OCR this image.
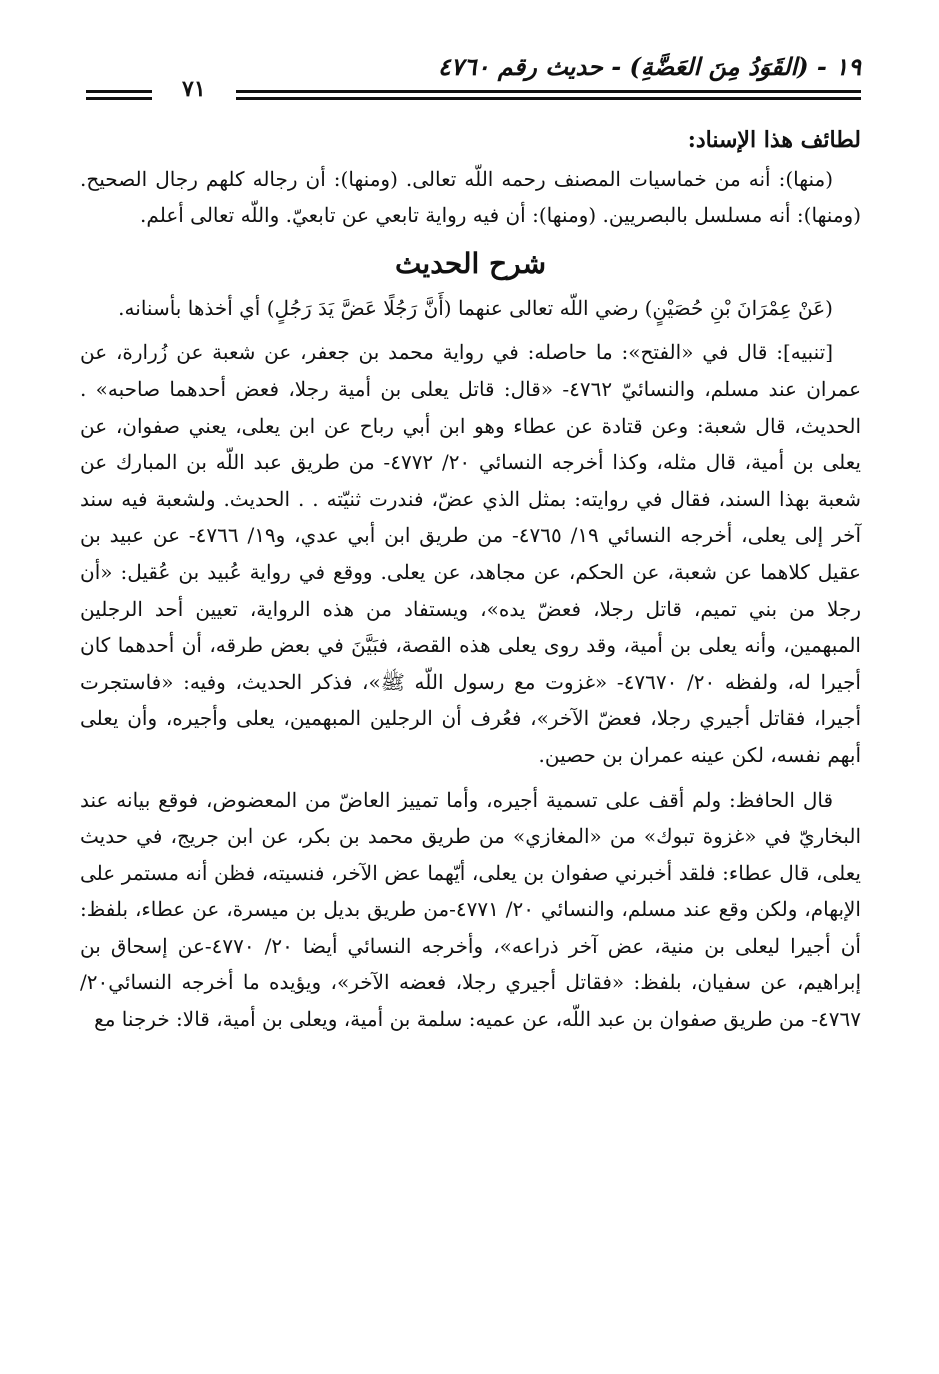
١٩ - (القَوَدُ مِنَ العَضَّةِ) - حديث رقم ٤٧٦٠
٧١

لطائف هذا الإسناد:

(منها): أنه من خماسيات المصنف رحمه اللّه تعالى. (ومنها): أن رجاله كلهم رجال الصحيح. (ومنها): أنه مسلسل بالبصريين. (ومنها): أن فيه رواية تابعي عن تابعيّ. واللّه تعالى أعلم.

شرح الحديث

(عَنْ عِمْرَانَ بْنِ حُصَيْنٍ) رضي اللّه تعالى عنهما (أَنَّ رَجُلًا عَضَّ يَدَ رَجُلٍ) أي أخذها بأسنانه.

[تنبيه]: قال في «الفتح»: ما حاصله: في رواية محمد بن جعفر، عن شعبة عن زُرارة، عن عمران عند مسلم، والنسائيّ ٤٧٦٢- «قال: قاتل يعلى بن أمية رجلا، فعض أحدهما صاحبه» . الحديث، قال شعبة: وعن قتادة عن عطاء وهو ابن أبي رباح عن ابن يعلى، يعني صفوان، عن يعلى بن أمية، قال مثله، وكذا أخرجه النسائي ٢٠/ ٤٧٧٢- من طريق عبد اللّه بن المبارك عن شعبة بهذا السند، فقال في روايته: بمثل الذي عضّ، فندرت ثنيّته . . الحديث. ولشعبة فيه سند آخر إلى يعلى، أخرجه النسائي ١٩/ ٤٧٦٥- من طريق ابن أبي عدي، و١٩/ ٤٧٦٦- عن عبيد بن عقيل كلاهما عن شعبة، عن الحكم، عن مجاهد، عن يعلى. ووقع في رواية عُبيد بن عُقيل: «أن رجلا من بني تميم، قاتل رجلا، فعضّ يده»، ويستفاد من هذه الرواية، تعيين أحد الرجلين المبهمين، وأنه يعلى بن أمية، وقد روى يعلى هذه القصة، فبَيَّنَ في بعض طرقه، أن أحدهما كان أجيرا له، ولفظه ٢٠/ ٤٧٦٧٠- «غزوت مع رسول اللّه ﷺ»، فذكر الحديث، وفيه: «فاستجرت أجيرا، فقاتل أجيري رجلا، فعضّ الآخر»، فعُرف أن الرجلين المبهمين، يعلى وأجيره، وأن يعلى أبهم نفسه، لكن عينه عمران بن حصين.

قال الحافظ: ولم أقف على تسمية أجيره، وأما تمييز العاضّ من المعضوض، فوقع بيانه عند البخاريّ في «غزوة تبوك» من «المغازي» من طريق محمد بن بكر، عن ابن جريج، في حديث يعلى، قال عطاء: فلقد أخبرني صفوان بن يعلى، أيّهما عض الآخر، فنسيته، فظن أنه مستمر على الإبهام، ولكن وقع عند مسلم، والنسائي ٢٠/ ٤٧٧١-من طريق بديل بن ميسرة، عن عطاء، بلفظ: أن أجيرا ليعلى بن منية، عض آخر ذراعه»، وأخرجه النسائي أيضا ٢٠/ ٤٧٧٠-عن إسحاق بن إبراهيم، عن سفيان، بلفظ: «فقاتل أجيري رجلا، فعضه الآخر»، ويؤيده ما أخرجه النسائي٢٠/ ٤٧٦٧- من طريق صفوان بن عبد اللّه، عن عميه: سلمة بن أمية، ويعلى بن أمية، قالا: خرجنا مع
